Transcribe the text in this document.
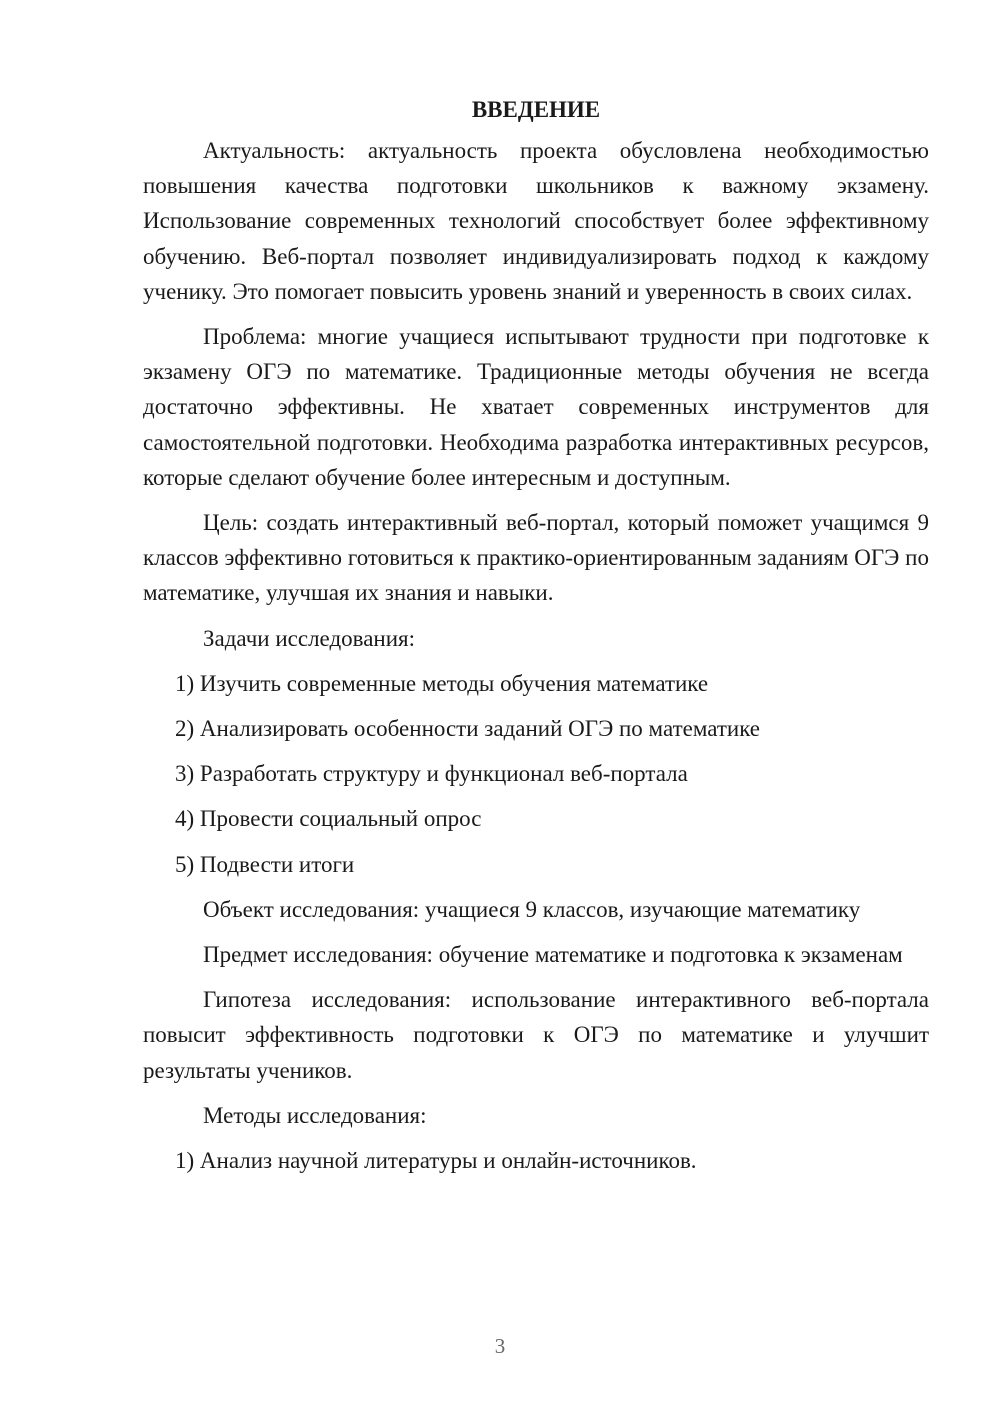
ВВЕДЕНИЕ

Актуальность: актуальность проекта обусловлена необходимостью повышения качества подготовки школьников к важному экзамену. Использование современных технологий способствует более эффективному обучению. Веб-портал позволяет индивидуализировать подход к каждому ученику. Это помогает повысить уровень знаний и уверенность в своих силах.

Проблема: многие учащиеся испытывают трудности при подготовке к экзамену ОГЭ по математике. Традиционные методы обучения не всегда достаточно эффективны. Не хватает современных инструментов для самостоятельной подготовки. Необходима разработка интерактивных ресурсов, которые сделают обучение более интересным и доступным.

Цель: создать интерактивный веб-портал, который поможет учащимся 9 классов эффективно готовиться к практико-ориентированным заданиям ОГЭ по математике, улучшая их знания и навыки.

Задачи исследования:

1) Изучить современные методы обучения математике

2) Анализировать особенности заданий ОГЭ по математике

3) Разработать структуру и функционал веб-портала

4) Провести социальный опрос

5) Подвести итоги

Объект исследования: учащиеся 9 классов, изучающие математику

Предмет исследования: обучение математике и подготовка к экзаменам

Гипотеза исследования: использование интерактивного веб-портала повысит эффективность подготовки к ОГЭ по математике и улучшит результаты учеников.

Методы исследования:

1) Анализ научной литературы и онлайн-источников.

3
